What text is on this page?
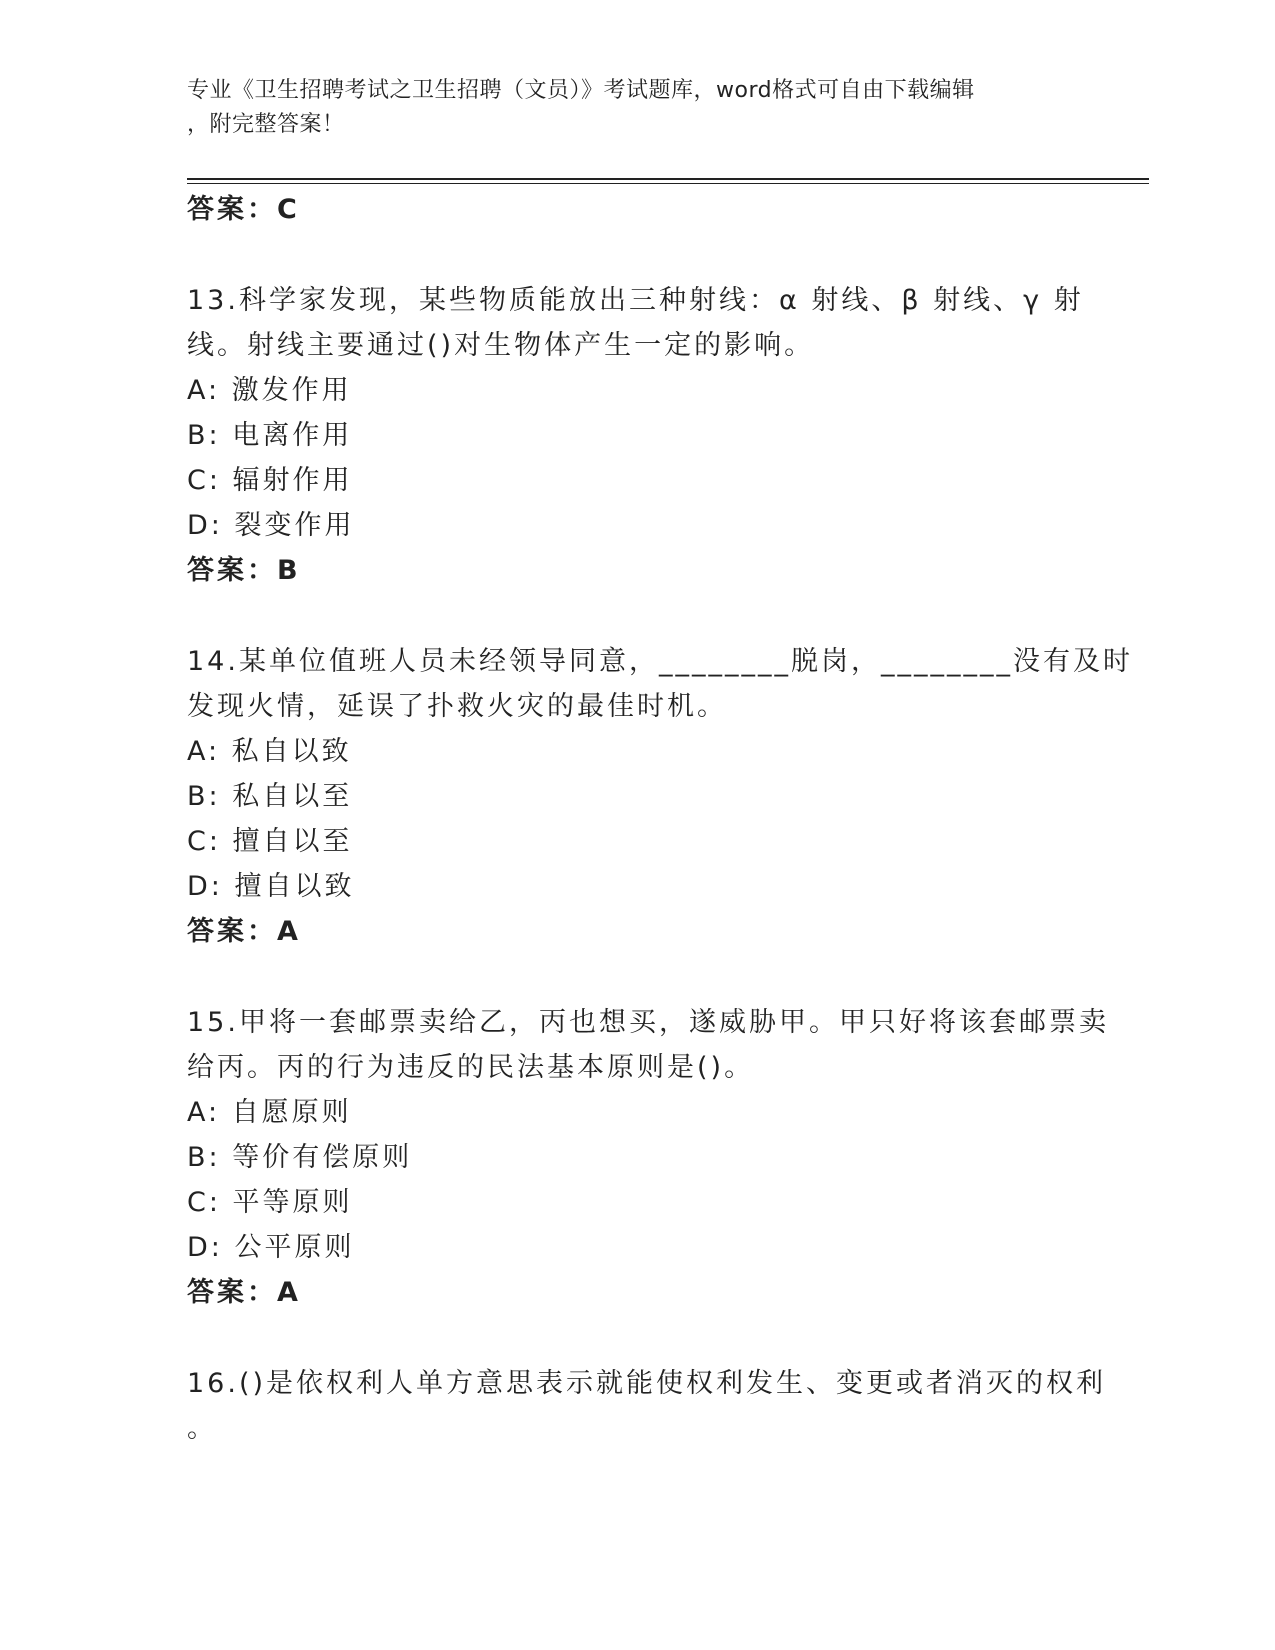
专业《卫生招聘考试之卫生招聘（文员）》考试题库，word格式可自由下载编辑
，附完整答案！
答案：C
13.科学家发现，某些物质能放出三种射线：α 射线、β 射线、γ 射
线。射线主要通过()对生物体产生一定的影响。
A: 激发作用
B: 电离作用
C: 辐射作用
D: 裂变作用
答案：B
14.某单位值班人员未经领导同意，________脱岗，________没有及时
发现火情，延误了扑救火灾的最佳时机。
A: 私自以致
B: 私自以至
C: 擅自以至
D: 擅自以致
答案：A
15.甲将一套邮票卖给乙，丙也想买，遂威胁甲。甲只好将该套邮票卖
给丙。丙的行为违反的民法基本原则是()。
A: 自愿原则
B: 等价有偿原则
C: 平等原则
D: 公平原则
答案：A
16.()是依权利人单方意思表示就能使权利发生、变更或者消灭的权利
。
